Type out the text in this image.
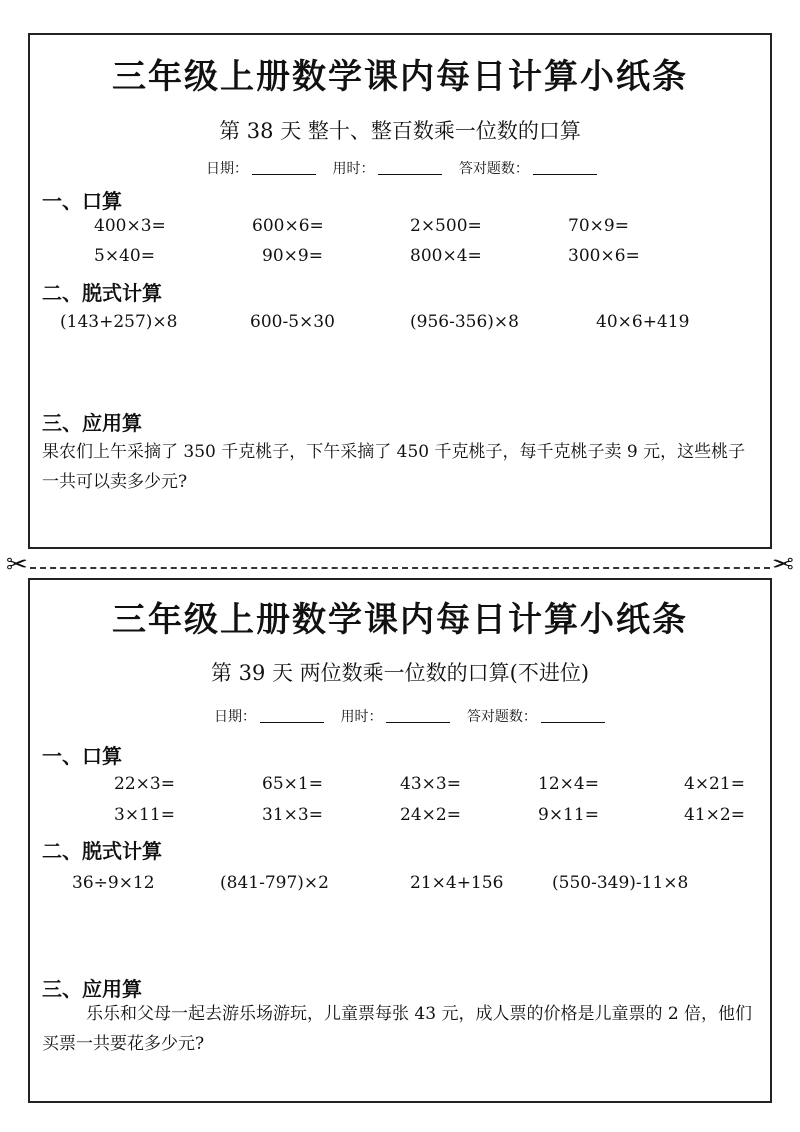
三年级上册数学课内每日计算小纸条
第 38 天 整十、整百数乘一位数的口算
日期：	用时：	答对题数：
一、口算
400×3=	600×6=	2×500=	70×9=
5×40=	90×9=	800×4=	300×6=
二、脱式计算
(143+257)×8	600-5×30	(956-356)×8	40×6+419
三、应用算
果农们上午采摘了 350 千克桃子，下午采摘了 450 千克桃子，每千克桃子卖 9 元，这些桃子一共可以卖多少元?
✂	✂
三年级上册数学课内每日计算小纸条
第 39 天 两位数乘一位数的口算(不进位)
日期：	用时：	答对题数：
一、口算
22×3=	65×1=	43×3=	12×4=	4×21=
3×11=	31×3=	24×2=	9×11=	41×2=
二、脱式计算
36÷9×12	(841-797)×2	21×4+156	(550-349)-11×8
三、应用算
乐乐和父母一起去游乐场游玩，儿童票每张 43 元，成人票的价格是儿童票的 2 倍，他们买票一共要花多少元?
